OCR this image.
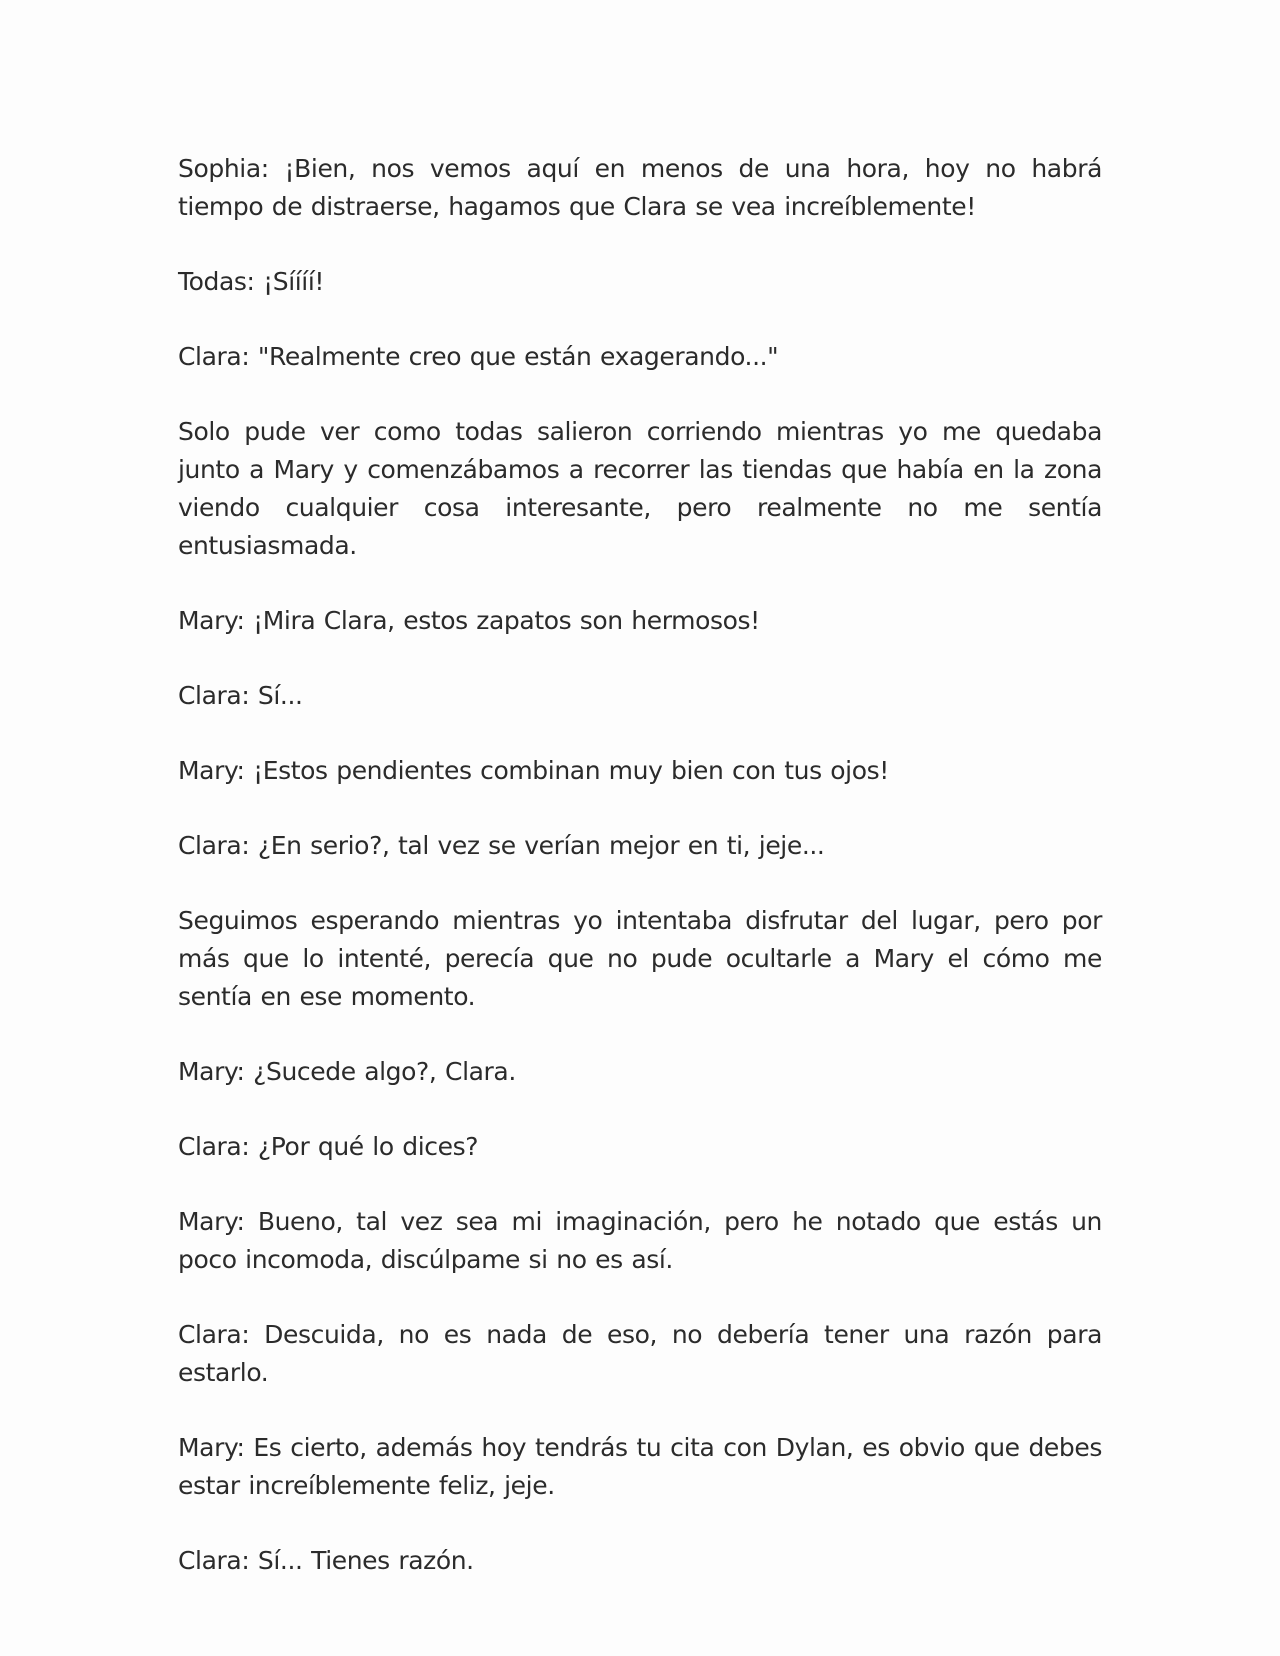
Sophia: ¡Bien, nos vemos aquí en menos de una hora, hoy no habrá tiempo de distraerse, hagamos que Clara se vea increíblemente!

Todas: ¡Síííí!

Clara: "Realmente creo que están exagerando..."

Solo pude ver como todas salieron corriendo mientras yo me quedaba junto a Mary y comenzábamos a recorrer las tiendas que había en la zona viendo cualquier cosa interesante, pero realmente no me sentía entusiasmada.

Mary: ¡Mira Clara, estos zapatos son hermosos!

Clara: Sí...

Mary: ¡Estos pendientes combinan muy bien con tus ojos!

Clara: ¿En serio?, tal vez se verían mejor en ti, jeje...

Seguimos esperando mientras yo intentaba disfrutar del lugar, pero por más que lo intenté, perecía que no pude ocultarle a Mary el cómo me sentía en ese momento.

Mary: ¿Sucede algo?, Clara.

Clara: ¿Por qué lo dices?

Mary: Bueno, tal vez sea mi imaginación, pero he notado que estás un poco incomoda, discúlpame si no es así.

Clara: Descuida, no es nada de eso, no debería tener una razón para estarlo.

Mary: Es cierto, además hoy tendrás tu cita con Dylan, es obvio que debes estar increíblemente feliz, jeje.

Clara: Sí... Tienes razón.
